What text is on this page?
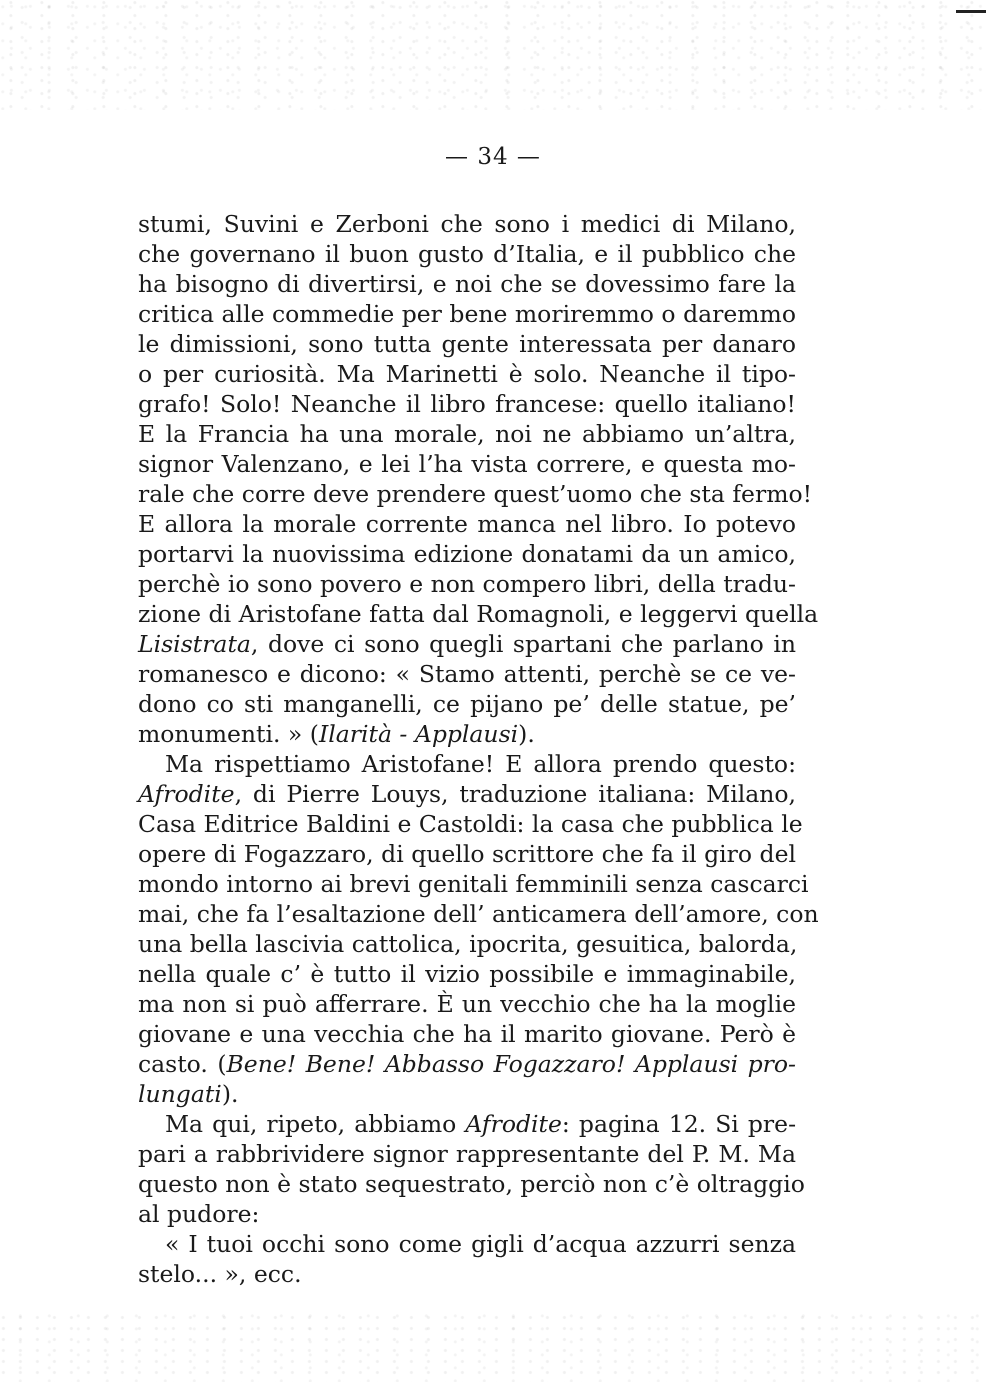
— 34 —
stumi, Suvini e Zerboni che sono i medici di Milano,
che governano il buon gusto d’Italia, e il pubblico che
ha bisogno di divertirsi, e noi che se dovessimo fare la
critica alle commedie per bene moriremmo o daremmo
le dimissioni, sono tutta gente interessata per danaro
o per curiosità. Ma Marinetti è solo. Neanche il tipo-
grafo! Solo! Neanche il libro francese: quello italiano!
E la Francia ha una morale, noi ne abbiamo un’altra,
signor Valenzano, e lei l’ha vista correre, e questa mo-
rale che corre deve prendere quest’uomo che sta fermo!
E allora la morale corrente manca nel libro. Io potevo
portarvi la nuovissima edizione donatami da un amico,
perchè io sono povero e non compero libri, della tradu-
zione di Aristofane fatta dal Romagnoli, e leggervi quella
Lisistrata, dove ci sono quegli spartani che parlano in
romanesco e dicono: « Stamo attenti, perchè se ce ve-
dono co sti manganelli, ce pijano pe’ delle statue, pe’
monumenti. » (Ilarità - Applausi).
Ma rispettiamo Aristofane! E allora prendo questo:
Afrodite, di Pierre Louys, traduzione italiana: Milano,
Casa Editrice Baldini e Castoldi: la casa che pubblica le
opere di Fogazzaro, di quello scrittore che fa il giro del
mondo intorno ai brevi genitali femminili senza cascarci
mai, che fa l’esaltazione dell’ anticamera dell’amore, con
una bella lascivia cattolica, ipocrita, gesuitica, balorda,
nella quale c’ è tutto il vizio possibile e immaginabile,
ma non si può afferrare. È un vecchio che ha la moglie
giovane e una vecchia che ha il marito giovane. Però è
casto. (Bene! Bene! Abbasso Fogazzaro! Applausi pro-
lungati).
Ma qui, ripeto, abbiamo Afrodite: pagina 12. Si pre-
pari a rabbrividere signor rappresentante del P. M. Ma
questo non è stato sequestrato, perciò non c’è oltraggio
al pudore:
« I tuoi occhi sono come gigli d’acqua azzurri senza
stelo... », ecc.
